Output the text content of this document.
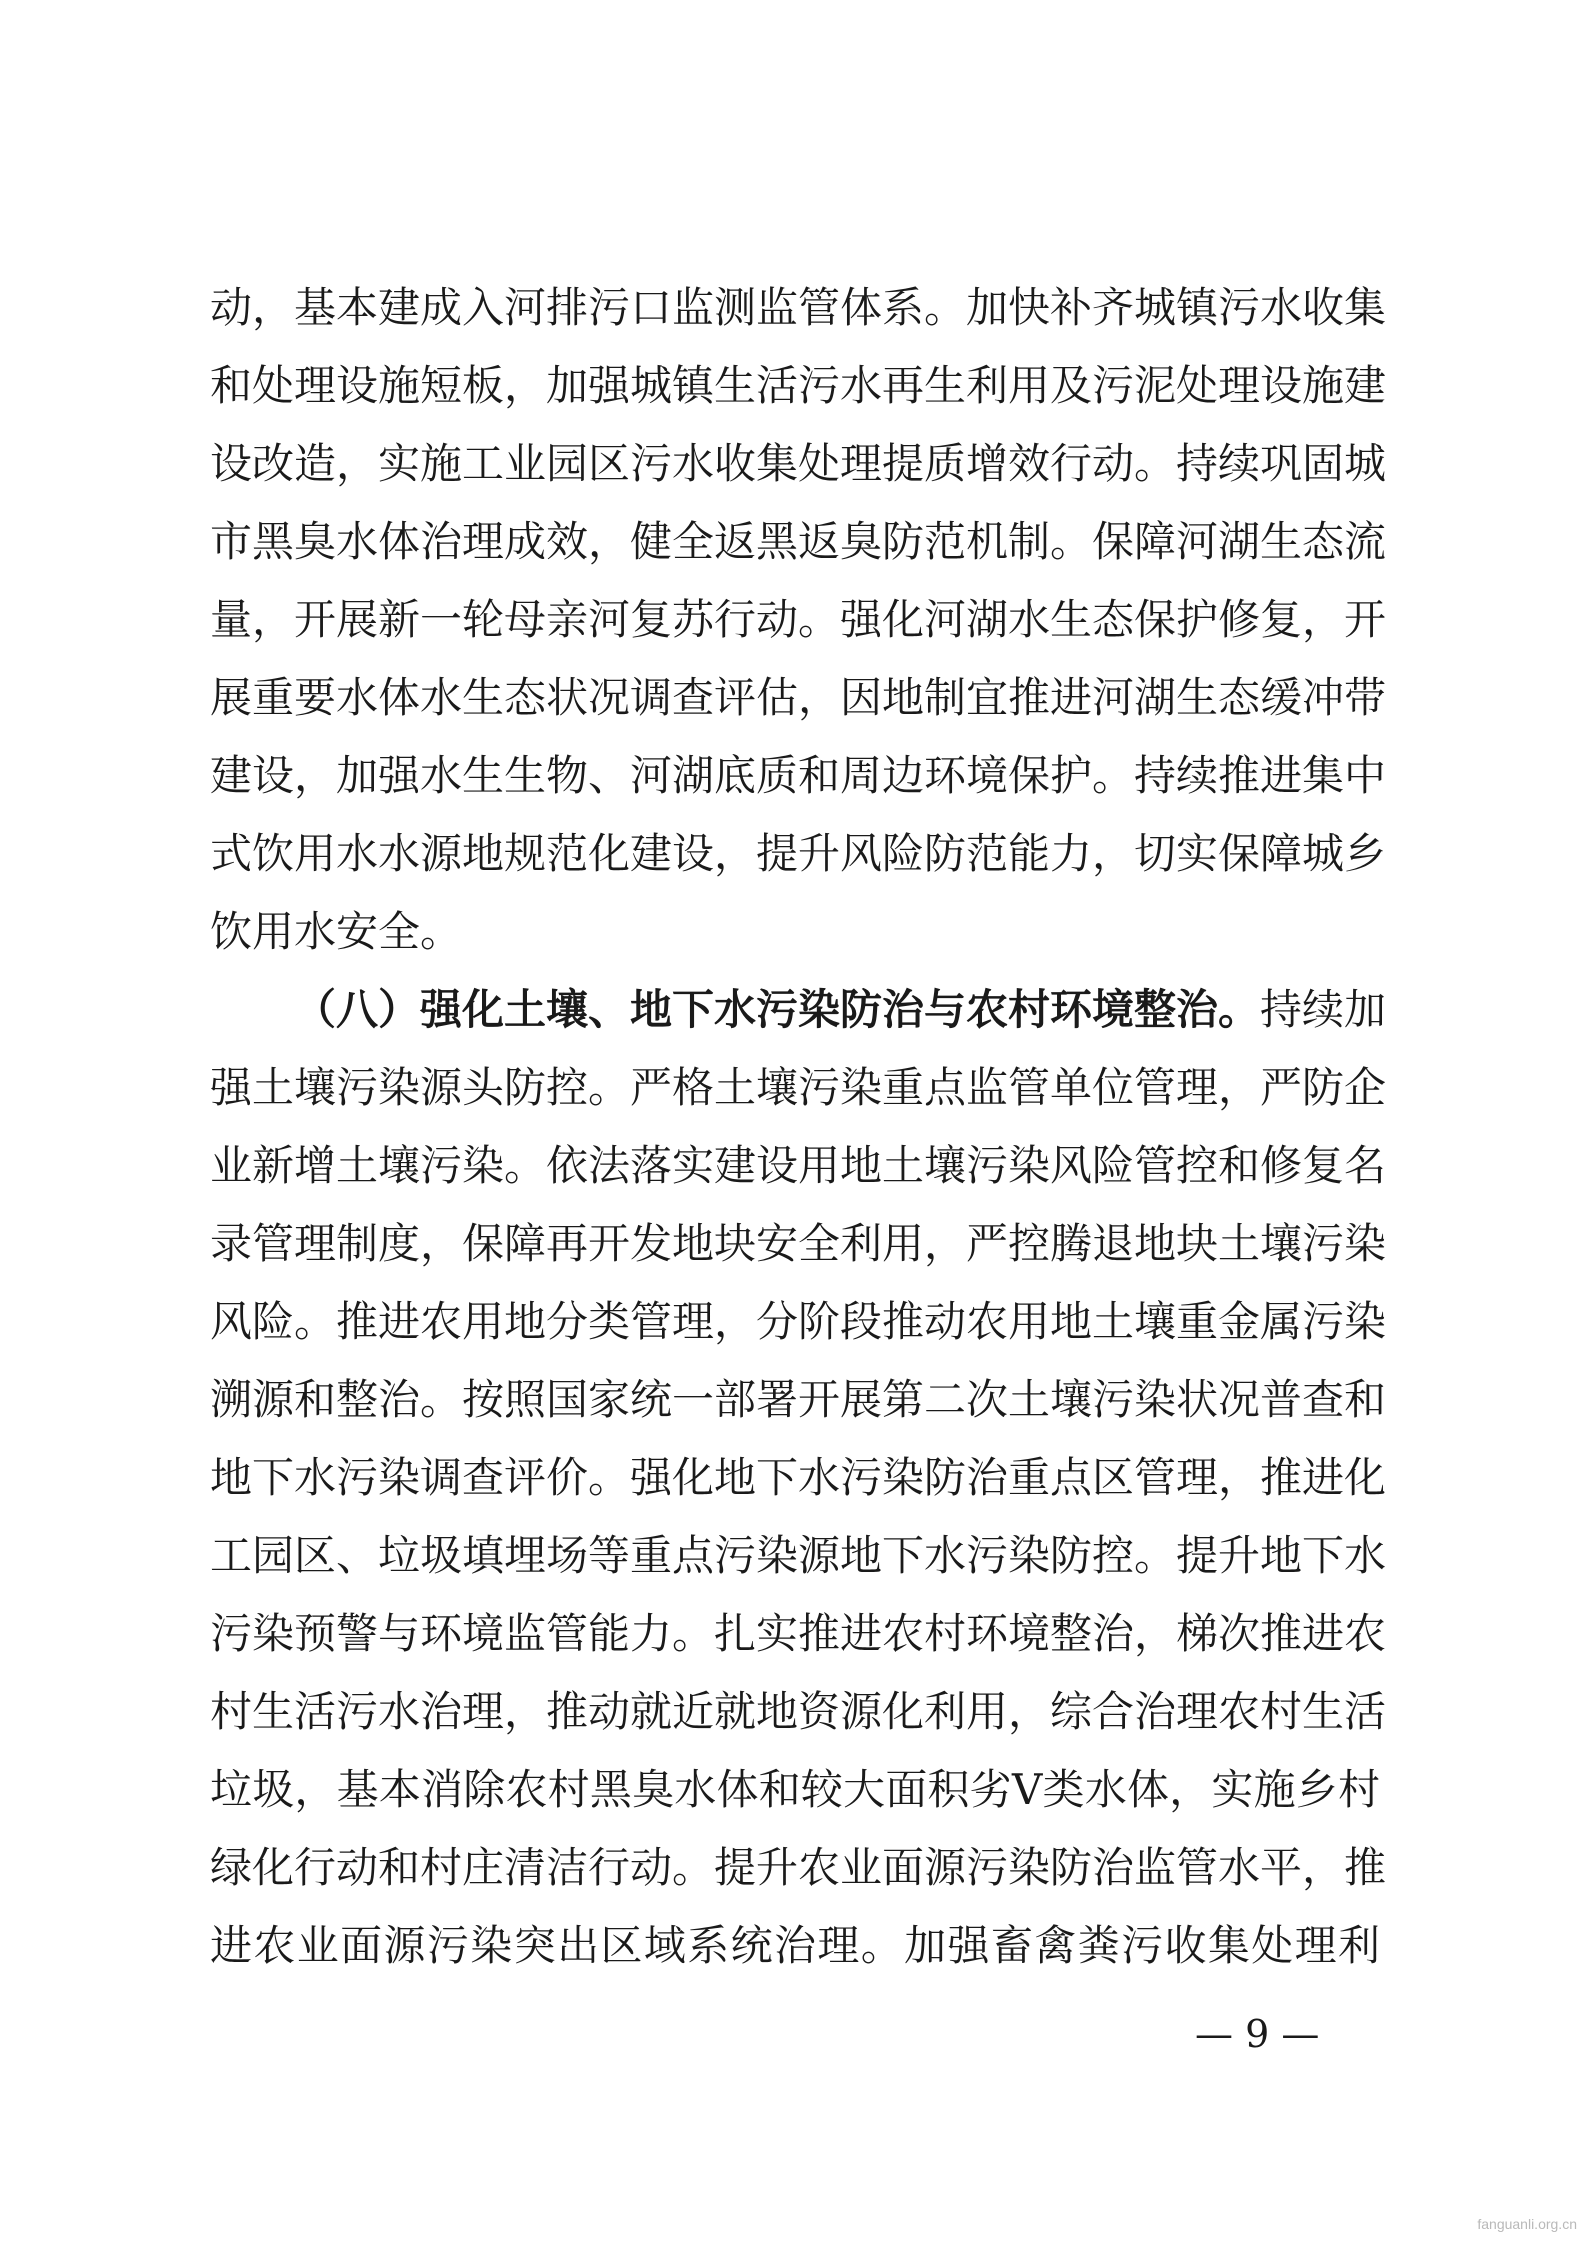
动，基本建成入河排污口监测监管体系。加快补齐城镇污水收集
和处理设施短板，加强城镇生活污水再生利用及污泥处理设施建
设改造，实施工业园区污水收集处理提质增效行动。持续巩固城
市黑臭水体治理成效，健全返黑返臭防范机制。保障河湖生态流
量，开展新一轮母亲河复苏行动。强化河湖水生态保护修复，开
展重要水体水生态状况调查评估，因地制宜推进河湖生态缓冲带
建设，加强水生生物、河湖底质和周边环境保护。持续推进集中
式饮用水水源地规范化建设，提升风险防范能力，切实保障城乡
饮用水安全。
（八）强化土壤、地下水污染防治与农村环境整治。持续加
强土壤污染源头防控。严格土壤污染重点监管单位管理，严防企
业新增土壤污染。依法落实建设用地土壤污染风险管控和修复名
录管理制度，保障再开发地块安全利用，严控腾退地块土壤污染
风险。推进农用地分类管理，分阶段推动农用地土壤重金属污染
溯源和整治。按照国家统一部署开展第二次土壤污染状况普查和
地下水污染调查评价。强化地下水污染防治重点区管理，推进化
工园区、垃圾填埋场等重点污染源地下水污染防控。提升地下水
污染预警与环境监管能力。扎实推进农村环境整治，梯次推进农
村生活污水治理，推动就近就地资源化利用，综合治理农村生活
垃圾，基本消除农村黑臭水体和较大面积劣Ⅴ类水体，实施乡村
绿化行动和村庄清洁行动。提升农业面源污染防治监管水平，推
进农业面源污染突出区域系统治理。加强畜禽粪污收集处理利
— 9 —
fanguanli.org.cn
